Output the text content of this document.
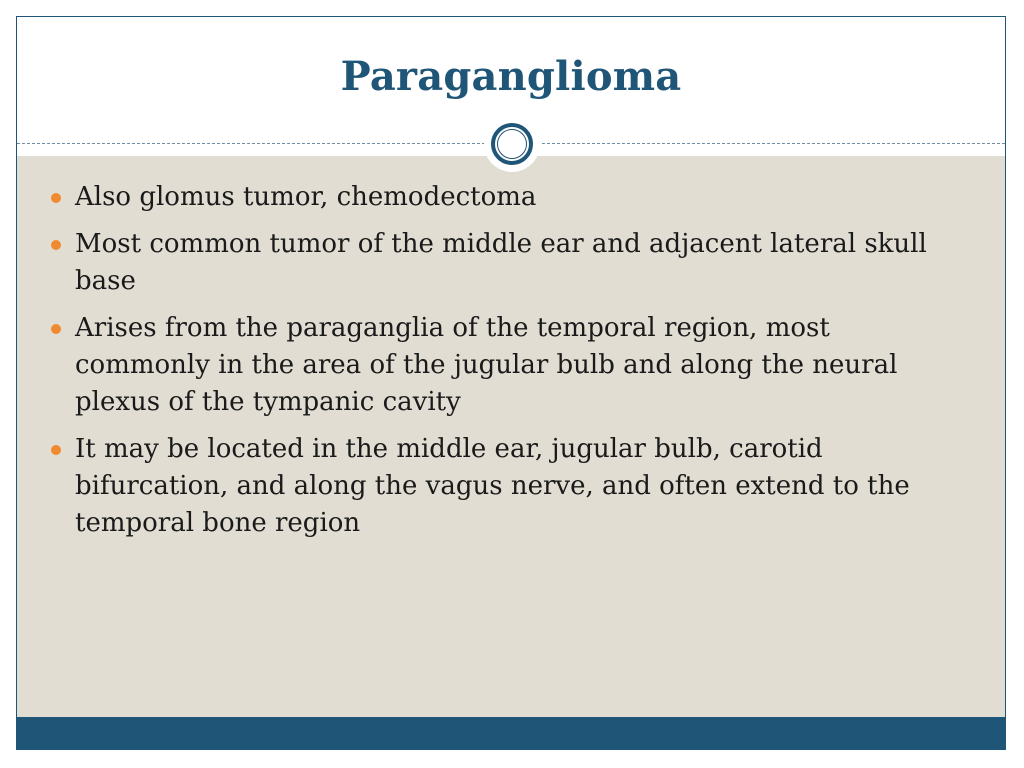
Paraganglioma
Also glomus tumor, chemodectoma
Most common tumor of the middle ear and adjacent lateral skull base
Arises from the paraganglia of the temporal region, most commonly in the area of the jugular bulb and along the neural plexus of the tympanic cavity
It may be located in the middle ear, jugular bulb, carotid bifurcation, and along the vagus nerve, and often extend to the temporal bone region
